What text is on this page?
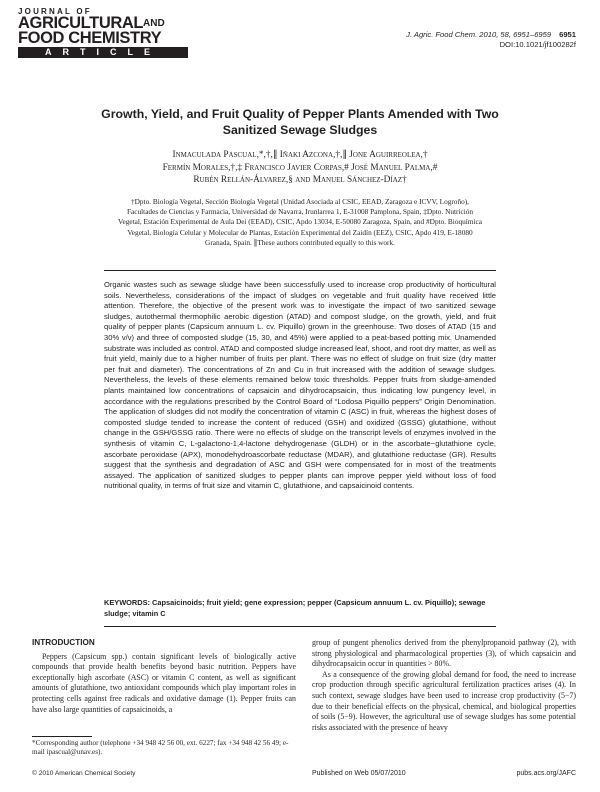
JOURNAL OF
AGRICULTURALAND
FOOD CHEMISTRY
ARTICLE
J. Agric. Food Chem. 2010, 58, 6951–6959 6951
DOI:10.1021/jf100282f
Growth, Yield, and Fruit Quality of Pepper Plants Amended with Two Sanitized Sewage Sludges
Inmaculada Pascual,*,†,∥ Iñaki Azcona,†,∥ Jone Aguirreolea,†
Fermín Morales,†,‡ Francisco Javier Corpas,# José Manuel Palma,#
Rubén Rellán-Álvarez,§ and Manuel Sánchez-Díaz†
†Dpto. Biología Vegetal, Sección Biología Vegetal (Unidad Asociada al CSIC, EEAD, Zaragoza e ICVV, Logroño), Facultades de Ciencias y Farmacia, Universidad de Navarra, Irunlarrea 1, E-31008 Pamplona, Spain, ‡Dpto. Nutrición Vegetal, Estación Experimental de Aula Dei (EEAD), CSIC, Apdo 13034, E-50080 Zaragoza, Spain, and #Dpto. Bioquímica Vegetal, Biología Celular y Molecular de Plantas, Estación Experimental del Zaidín (EEZ), CSIC, Apdo 419, E-18080 Granada, Spain. ∥These authors contributed equally to this work.
Organic wastes such as sewage sludge have been successfully used to increase crop productivity of horticultural soils. Nevertheless, considerations of the impact of sludges on vegetable and fruit quality have received little attention. Therefore, the objective of the present work was to investigate the impact of two sanitized sewage sludges, autothermal thermophilic aerobic digestion (ATAD) and compost sludge, on the growth, yield, and fruit quality of pepper plants (Capsicum annuum L. cv. Piquillo) grown in the greenhouse. Two doses of ATAD (15 and 30% v/v) and three of composted sludge (15, 30, and 45%) were applied to a peat-based potting mix. Unamended substrate was included as control. ATAD and composted sludge increased leaf, shoot, and root dry matter, as well as fruit yield, mainly due to a higher number of fruits per plant. There was no effect of sludge on fruit size (dry matter per fruit and diameter). The concentrations of Zn and Cu in fruit increased with the addition of sewage sludges. Nevertheless, the levels of these elements remained below toxic thresholds. Pepper fruits from sludge-amended plants maintained low concentrations of capsaicin and dihydrocapsaicin, thus indicating low pungency level, in accordance with the regulations prescribed by the Control Board of “Lodosa Piquillo peppers” Origin Denomination. The application of sludges did not modify the concentration of vitamin C (ASC) in fruit, whereas the highest doses of composted sludge tended to increase the content of reduced (GSH) and oxidized (GSSG) glutathione, without change in the GSH/GSSG ratio. There were no effects of sludge on the transcript levels of enzymes involved in the synthesis of vitamin C, L-galactono-1,4-lactone dehydrogenase (GLDH) or in the ascorbate−glutathione cycle, ascorbate peroxidase (APX), monodehydroascorbate reductase (MDAR), and glutathione reductase (GR). Results suggest that the synthesis and degradation of ASC and GSH were compensated for in most of the treatments assayed. The application of sanitized sludges to pepper plants can improve pepper yield without loss of food nutritional quality, in terms of fruit size and vitamin C, glutathione, and capsaicinoid contents.
KEYWORDS: Capsaicinoids; fruit yield; gene expression; pepper (Capsicum annuum L. cv. Piquillo); sewage sludge; vitamin C
INTRODUCTION
Peppers (Capsicum spp.) contain significant levels of biologically active compounds that provide health benefits beyond basic nutrition. Peppers have exceptionally high ascorbate (ASC) or vitamin C content, as well as significant amounts of glutathione, two antioxidant compounds which play important roles in protecting cells against free radicals and oxidative damage (1). Pepper fruits can have also large quantities of capsaicinoids, a
*Corresponding author (telephone +34 948 42 56 00, ext. 6227; fax +34 948 42 56 49; e-mail ipascual@unav.es).
group of pungent phenolics derived from the phenylpropanoid pathway (2), with strong physiological and pharmacological properties (3), of which capsaicin and dihydrocapsaicin occur in quantities > 80%.
As a consequence of the growing global demand for food, the need to increase crop production through specific agricultural fertilization practices arises (4). In such context, sewage sludges have been used to increase crop productivity (5−7) due to their beneficial effects on the physical, chemical, and biological properties of soils (5−9). However, the agricultural use of sewage sludges has some potential risks associated with the presence of heavy
© 2010 American Chemical Society	Published on Web 05/07/2010	pubs.acs.org/JAFC
